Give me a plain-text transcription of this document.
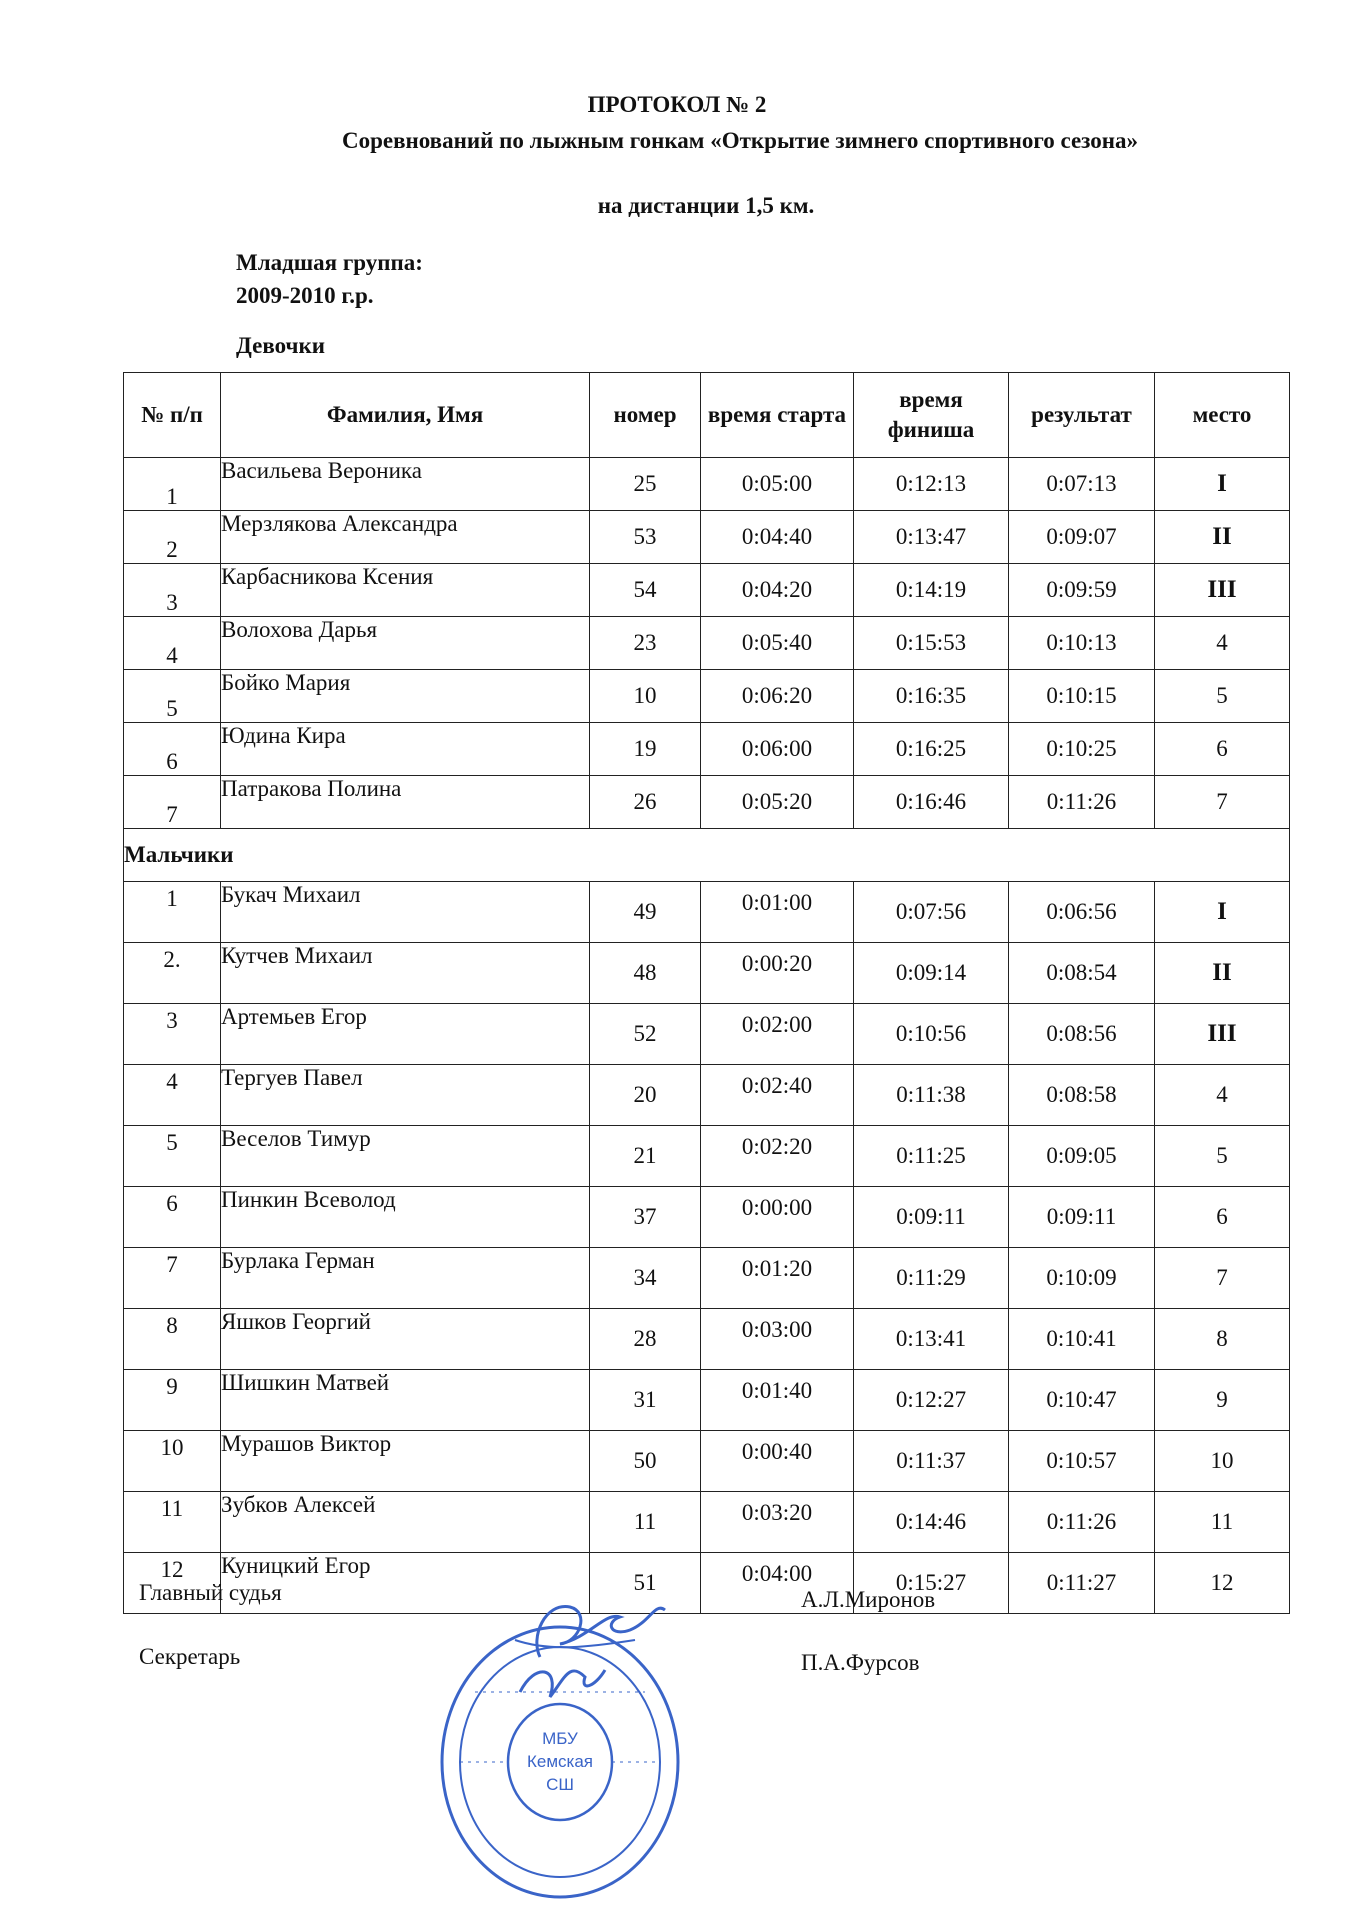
ПРОТОКОЛ № 2
Соревнований по лыжным гонкам «Открытие зимнего спортивного сезона»
на дистанции 1,5 км.
Младшая группа:
2009-2010 г.р.
Девочки
№ п/п	Фамилия, Имя	номер	время старта	время финиша	результат	место
1	Васильева Вероника	25	0:05:00	0:12:13	0:07:13	I
2	Мерзлякова Александра	53	0:04:40	0:13:47	0:09:07	II
3	Карбасникова Ксения	54	0:04:20	0:14:19	0:09:59	III
4	Волохова Дарья	23	0:05:40	0:15:53	0:10:13	4
5	Бойко Мария	10	0:06:20	0:16:35	0:10:15	5
6	Юдина Кира	19	0:06:00	0:16:25	0:10:25	6
7	Патракова Полина	26	0:05:20	0:16:46	0:11:26	7
Мальчики						
1	Букач Михаил	49	0:01:00	0:07:56	0:06:56	I
2.	Кутчев Михаил	48	0:00:20	0:09:14	0:08:54	II
3	Артемьев Егор	52	0:02:00	0:10:56	0:08:56	III
4	Тергуев Павел	20	0:02:40	0:11:38	0:08:58	4
5	Веселов Тимур	21	0:02:20	0:11:25	0:09:05	5
6	Пинкин Всеволод	37	0:00:00	0:09:11	0:09:11	6
7	Бурлака Герман	34	0:01:20	0:11:29	0:10:09	7
8	Яшков Георгий	28	0:03:00	0:13:41	0:10:41	8
9	Шишкин Матвей	31	0:01:40	0:12:27	0:10:47	9
10	Мурашов Виктор	50	0:00:40	0:11:37	0:10:57	10
11	Зубков Алексей	11	0:03:20	0:14:46	0:11:26	11
12	Куницкий Егор	51	0:04:00	0:15:27	0:11:27	12
Главный судья
Секретарь
А.Л.Миронов
П.А.Фурсов
МБУ
Кемская
СШ
